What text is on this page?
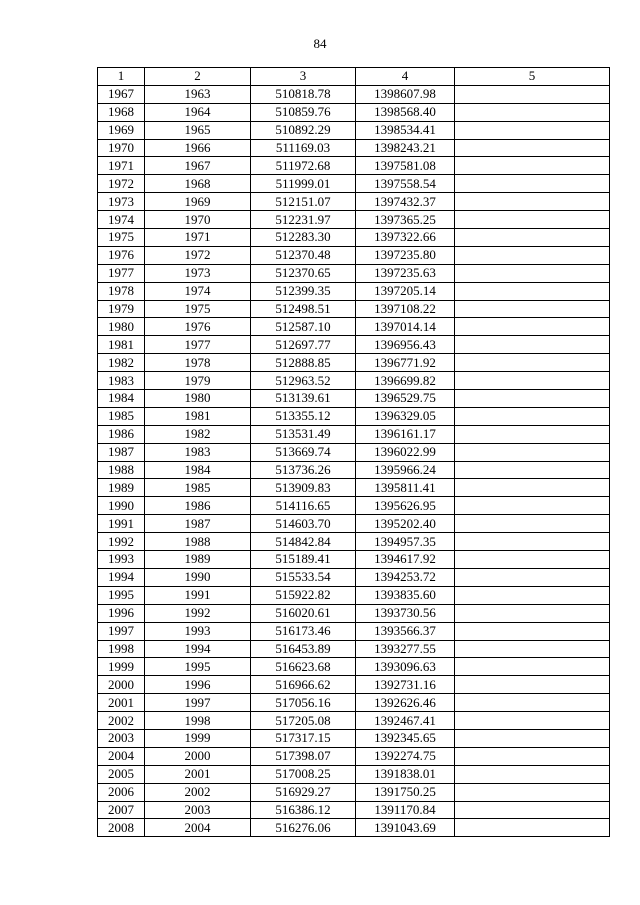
84
1	2	3	4	5
1967	1963	510818.78	1398607.98	
1968	1964	510859.76	1398568.40	
1969	1965	510892.29	1398534.41	
1970	1966	511169.03	1398243.21	
1971	1967	511972.68	1397581.08	
1972	1968	511999.01	1397558.54	
1973	1969	512151.07	1397432.37	
1974	1970	512231.97	1397365.25	
1975	1971	512283.30	1397322.66	
1976	1972	512370.48	1397235.80	
1977	1973	512370.65	1397235.63	
1978	1974	512399.35	1397205.14	
1979	1975	512498.51	1397108.22	
1980	1976	512587.10	1397014.14	
1981	1977	512697.77	1396956.43	
1982	1978	512888.85	1396771.92	
1983	1979	512963.52	1396699.82	
1984	1980	513139.61	1396529.75	
1985	1981	513355.12	1396329.05	
1986	1982	513531.49	1396161.17	
1987	1983	513669.74	1396022.99	
1988	1984	513736.26	1395966.24	
1989	1985	513909.83	1395811.41	
1990	1986	514116.65	1395626.95	
1991	1987	514603.70	1395202.40	
1992	1988	514842.84	1394957.35	
1993	1989	515189.41	1394617.92	
1994	1990	515533.54	1394253.72	
1995	1991	515922.82	1393835.60	
1996	1992	516020.61	1393730.56	
1997	1993	516173.46	1393566.37	
1998	1994	516453.89	1393277.55	
1999	1995	516623.68	1393096.63	
2000	1996	516966.62	1392731.16	
2001	1997	517056.16	1392626.46	
2002	1998	517205.08	1392467.41	
2003	1999	517317.15	1392345.65	
2004	2000	517398.07	1392274.75	
2005	2001	517008.25	1391838.01	
2006	2002	516929.27	1391750.25	
2007	2003	516386.12	1391170.84	
2008	2004	516276.06	1391043.69	
